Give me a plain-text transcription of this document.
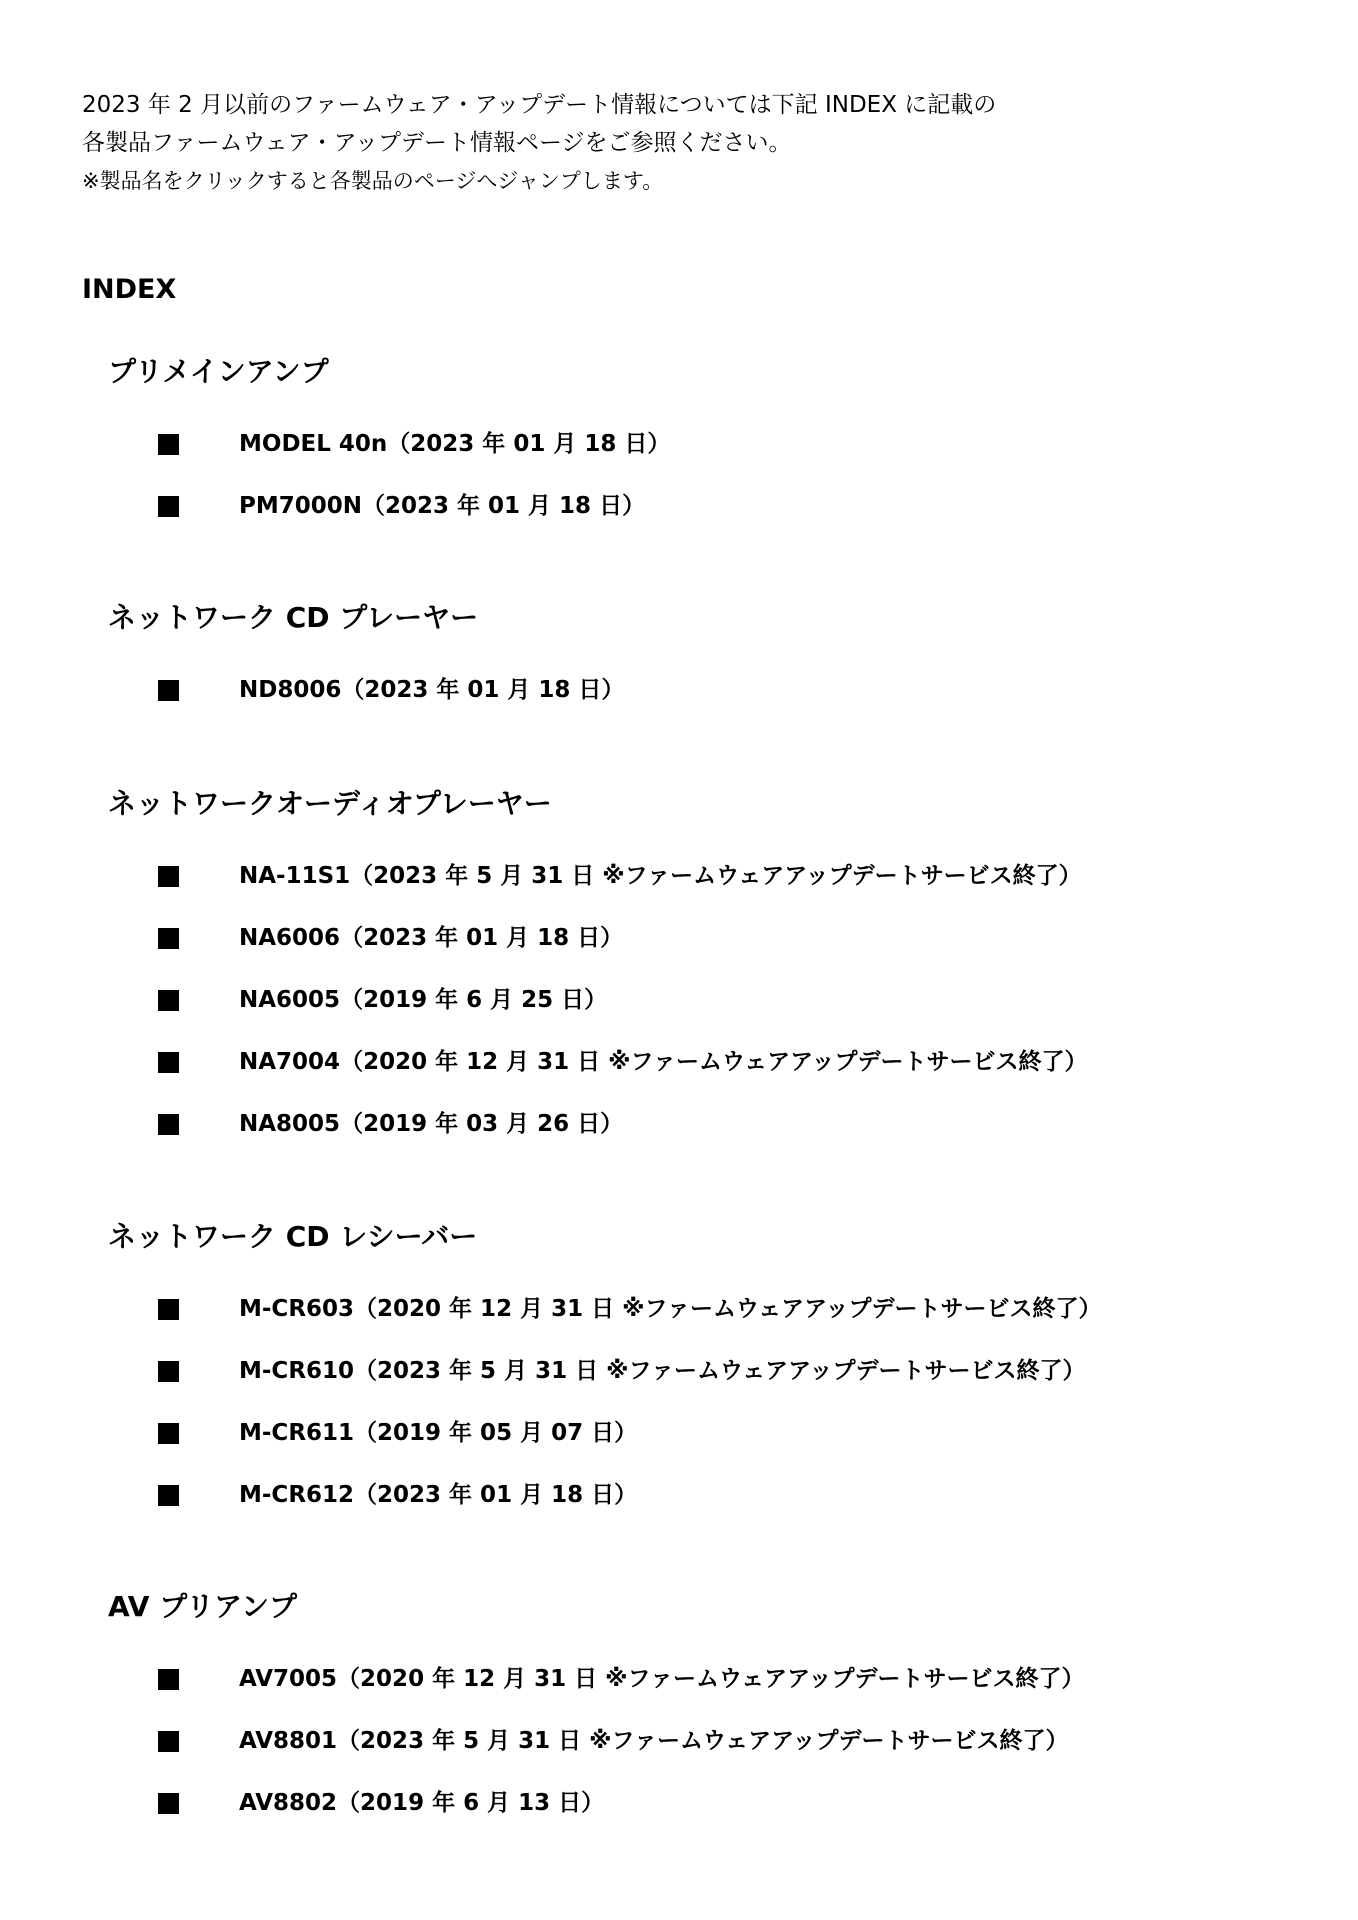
2023 年 2 月以前のファームウェア・アップデート情報については下記 INDEX に記載の
各製品ファームウェア・アップデート情報ページをご参照ください。
※製品名をクリックすると各製品のページへジャンプします。
INDEX
プリメインアンプ
MODEL 40n（2023 年 01 月 18 日）
PM7000N（2023 年 01 月 18 日）
ネットワーク CD プレーヤー
ND8006（2023 年 01 月 18 日）
ネットワークオーディオプレーヤー
NA-11S1（2023 年 5 月 31 日 ※ファームウェアアップデートサービス終了）
NA6006（2023 年 01 月 18 日）
NA6005（2019 年 6 月 25 日）
NA7004（2020 年 12 月 31 日 ※ファームウェアアップデートサービス終了）
NA8005（2019 年 03 月 26 日）
ネットワーク CD レシーバー
M-CR603（2020 年 12 月 31 日 ※ファームウェアアップデートサービス終了）
M-CR610（2023 年 5 月 31 日 ※ファームウェアアップデートサービス終了）
M-CR611（2019 年 05 月 07 日）
M-CR612（2023 年 01 月 18 日）
AV プリアンプ
AV7005（2020 年 12 月 31 日 ※ファームウェアアップデートサービス終了）
AV8801（2023 年 5 月 31 日 ※ファームウェアアップデートサービス終了）
AV8802（2019 年 6 月 13 日）
